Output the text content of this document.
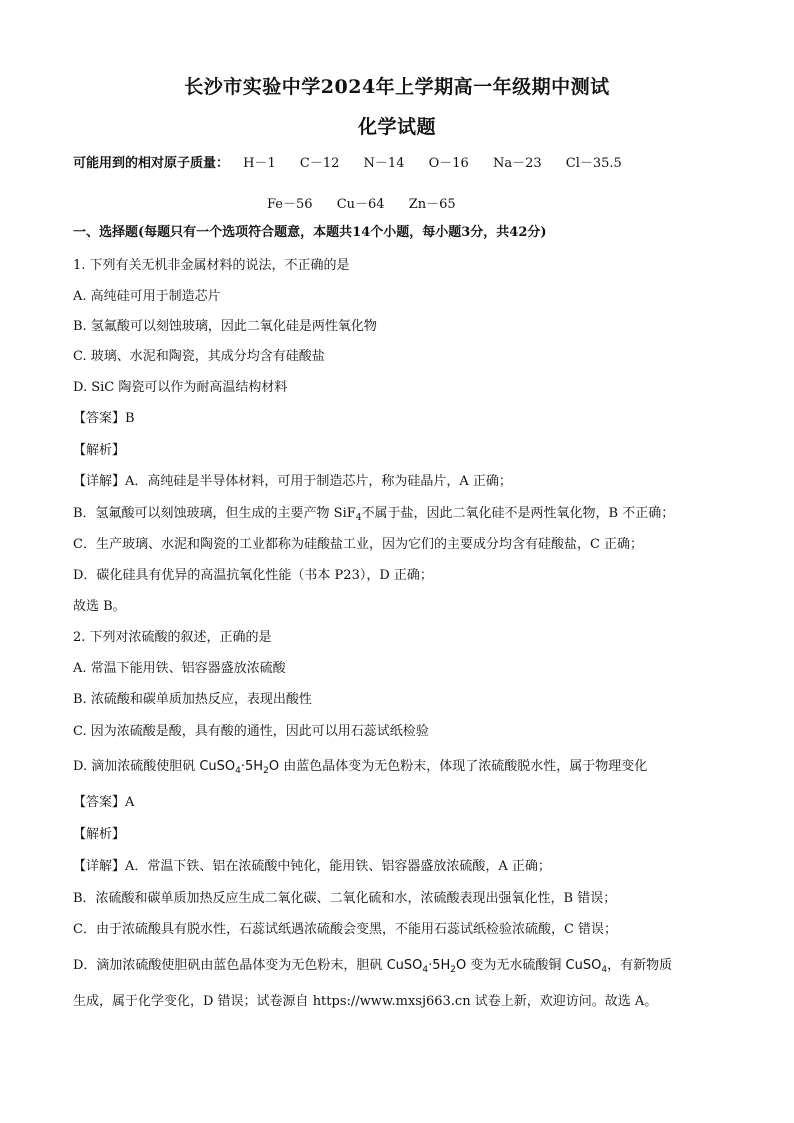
长沙市实验中学2024年上学期高一年级期中测试
化学试题
可能用到的相对原子质量： H－1 C－12 N－14 O－16 Na－23 Cl－35.5
Fe－56 Cu－64 Zn－65
一、选择题(每题只有一个选项符合题意，本题共14个小题，每小题3分，共42分)
1. 下列有关无机非金属材料的说法，不正确的是
A. 高纯硅可用于制造芯片
B. 氢氟酸可以刻蚀玻璃，因此二氧化硅是两性氧化物
C. 玻璃、水泥和陶瓷，其成分均含有硅酸盐
D. SiC 陶瓷可以作为耐高温结构材料
【答案】B
【解析】
【详解】A．高纯硅是半导体材料，可用于制造芯片，称为硅晶片，A 正确；
B．氢氟酸可以刻蚀玻璃，但生成的主要产物 SiF$_4$不属于盐，因此二氧化硅不是两性氧化物，B 不正确；
C．生产玻璃、水泥和陶瓷的工业都称为硅酸盐工业，因为它们的主要成分均含有硅酸盐，C 正确；
D．碳化硅具有优异的高温抗氧化性能（书本 P23），D 正确；
故选 B。
2. 下列对浓硫酸的叙述，正确的是
A. 常温下能用铁、铝容器盛放浓硫酸
B. 浓硫酸和碳单质加热反应，表现出酸性
C. 因为浓硫酸是酸，具有酸的通性，因此可以用石蕊试纸检验
D. 滴加浓硫酸使胆矾 $CuSO_4\cdot 5H_2O$ 由蓝色晶体变为无色粉末，体现了浓硫酸脱水性，属于物理变化
【答案】A
【解析】
【详解】A．常温下铁、铝在浓硫酸中钝化，能用铁、铝容器盛放浓硫酸，A 正确；
B．浓硫酸和碳单质加热反应生成二氧化碳、二氧化硫和水，浓硫酸表现出强氧化性，B 错误；
C．由于浓硫酸具有脱水性，石蕊试纸遇浓硫酸会变黑，不能用石蕊试纸检验浓硫酸，C 错误；
D．滴加浓硫酸使胆矾由蓝色晶体变为无色粉末，胆矾 $CuSO_4\cdot 5H_2O$ 变为无水硫酸铜 CuSO$_4$，有新物质
生成，属于化学变化，D 错误；试卷源自 https://www.mxsj663.cn 试卷上新，欢迎访问。故选 A。
